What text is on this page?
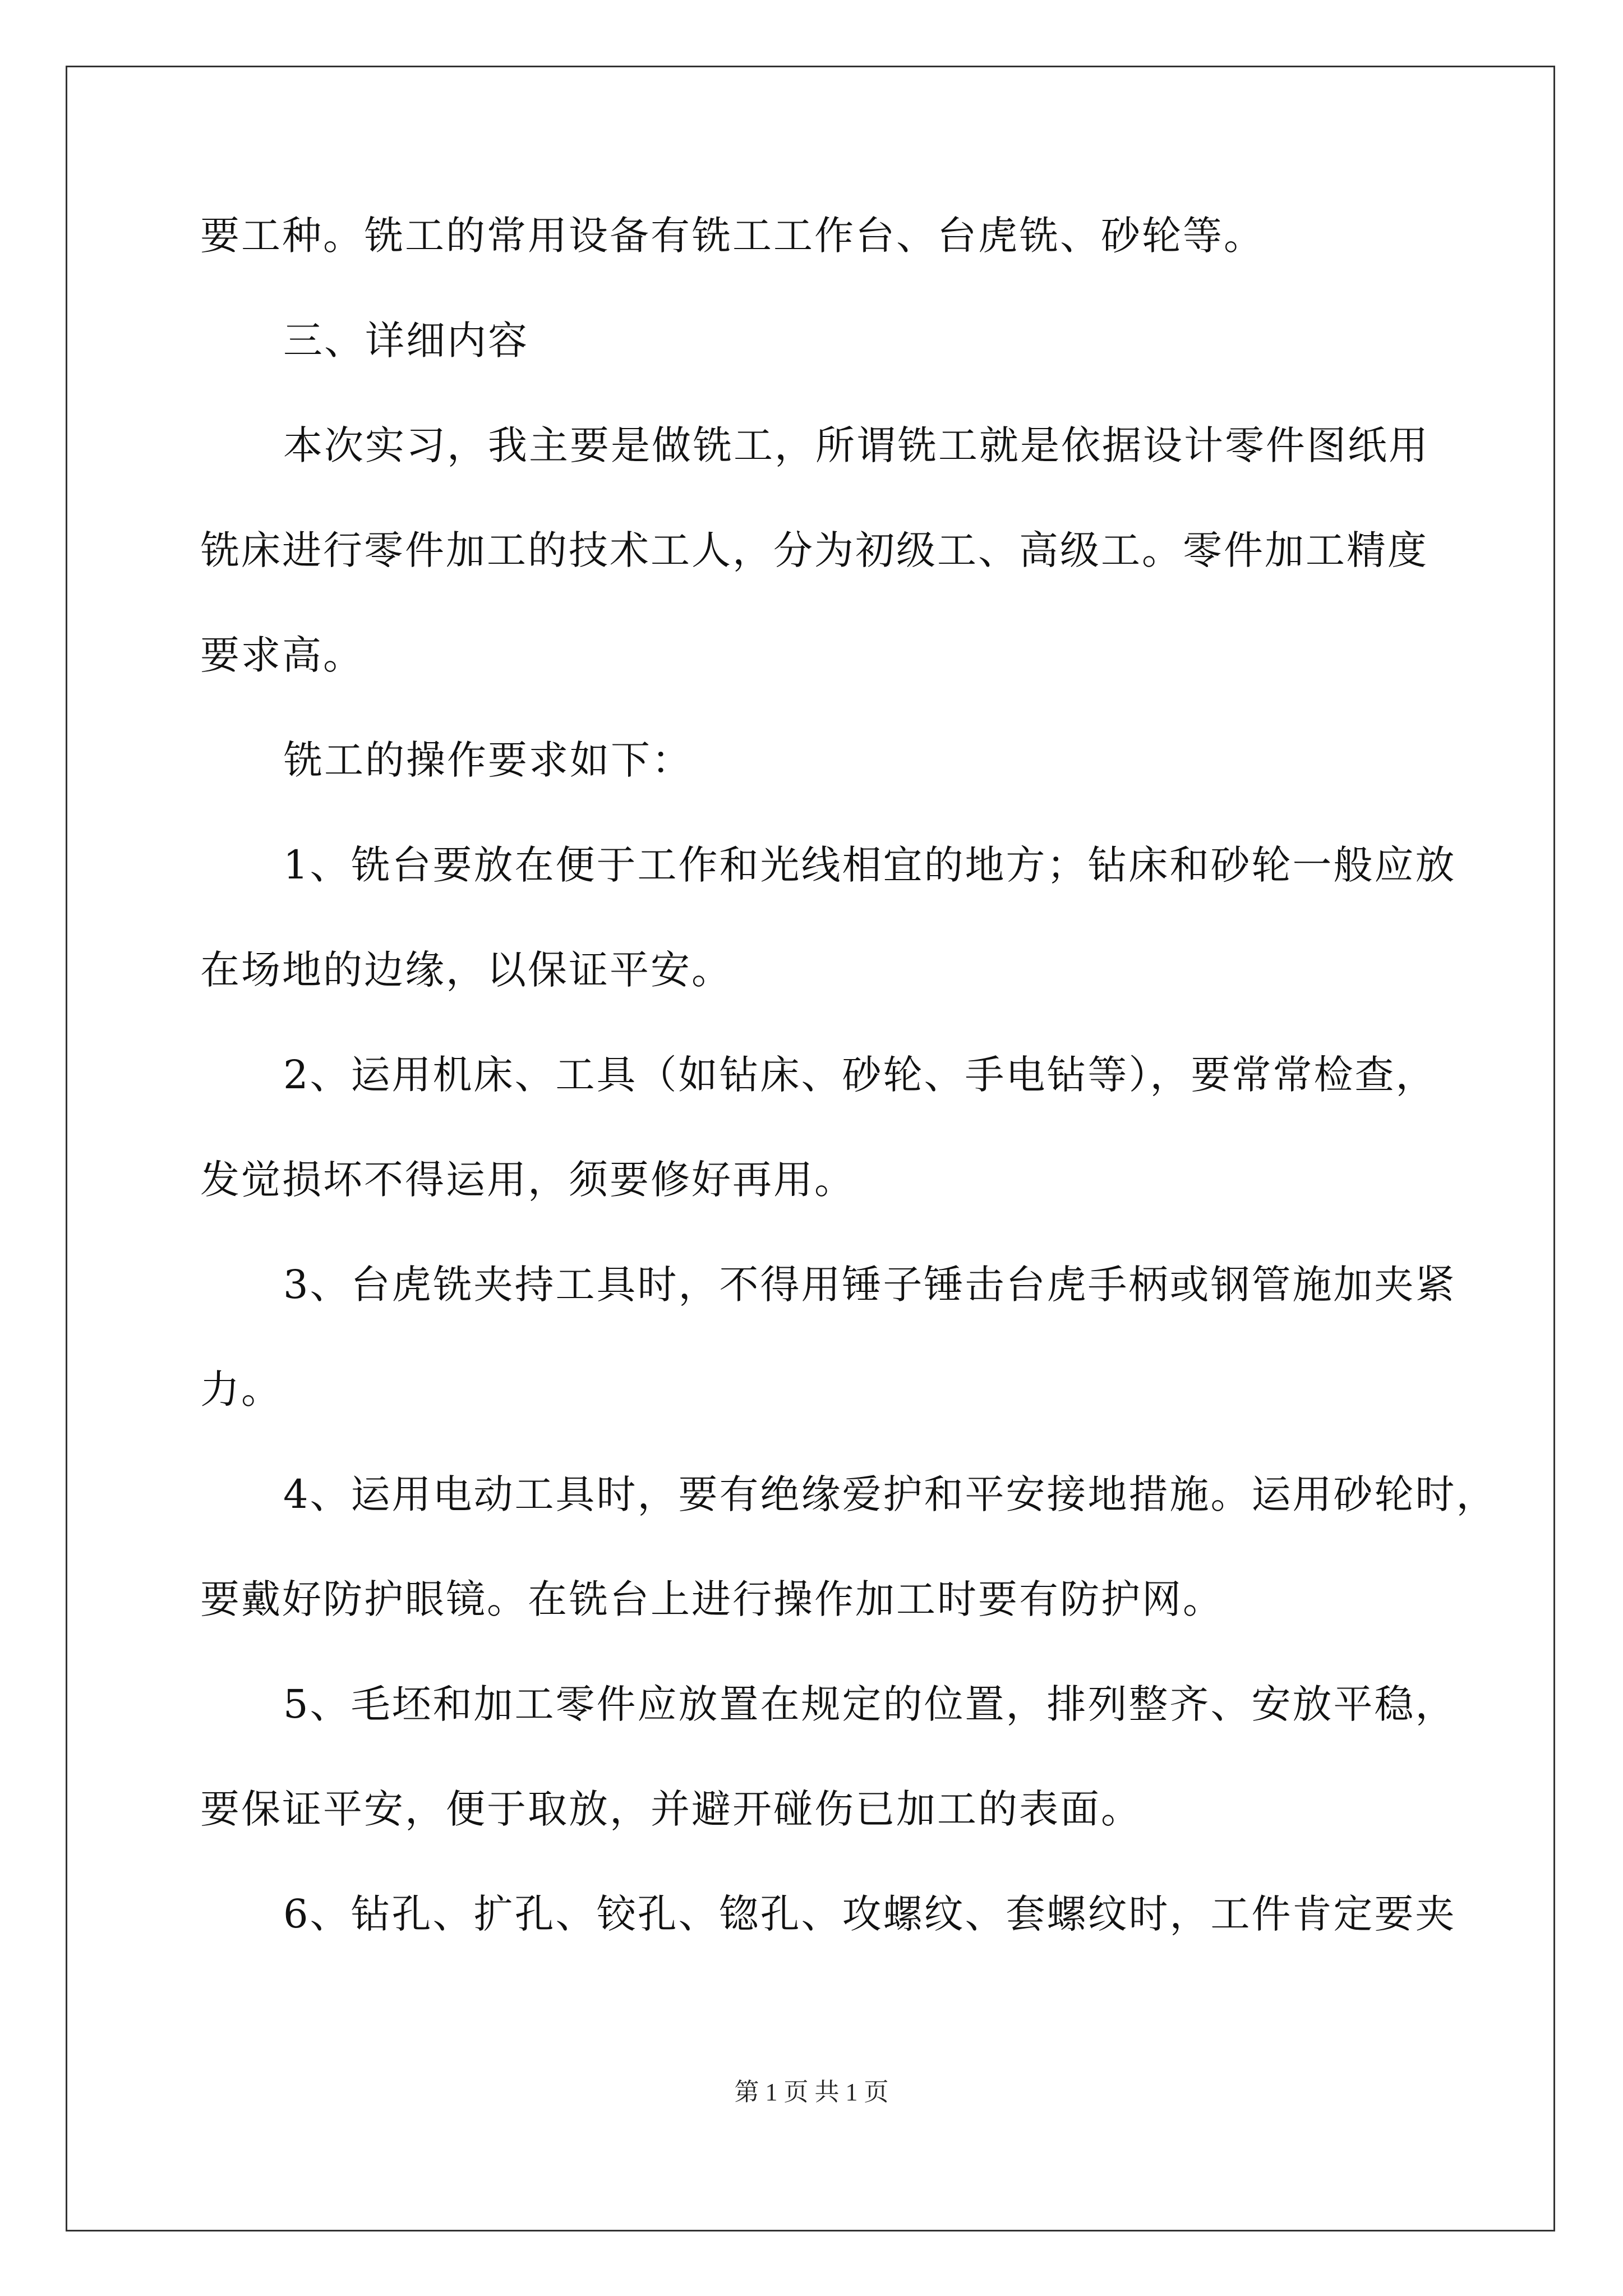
要工种。铣工的常用设备有铣工工作台、台虎铣、砂轮等。

三、详细内容

本次实习，我主要是做铣工，所谓铣工就是依据设计零件图纸用

铣床进行零件加工的技术工人，分为初级工、高级工。零件加工精度

要求高。

铣工的操作要求如下：

1、铣台要放在便于工作和光线相宜的地方；钻床和砂轮一般应放

在场地的边缘，以保证平安。

2、运用机床、工具（如钻床、砂轮、手电钻等），要常常检查，

发觉损坏不得运用，须要修好再用。

3、台虎铣夹持工具时，不得用锤子锤击台虎手柄或钢管施加夹紧

力。

4、运用电动工具时，要有绝缘爱护和平安接地措施。运用砂轮时，

要戴好防护眼镜。在铣台上进行操作加工时要有防护网。

5、毛坯和加工零件应放置在规定的位置，排列整齐、安放平稳，

要保证平安，便于取放，并避开碰伤已加工的表面。

6、钻孔、扩孔、铰孔、锪孔、攻螺纹、套螺纹时，工件肯定要夹

第 1 页 共 1 页
